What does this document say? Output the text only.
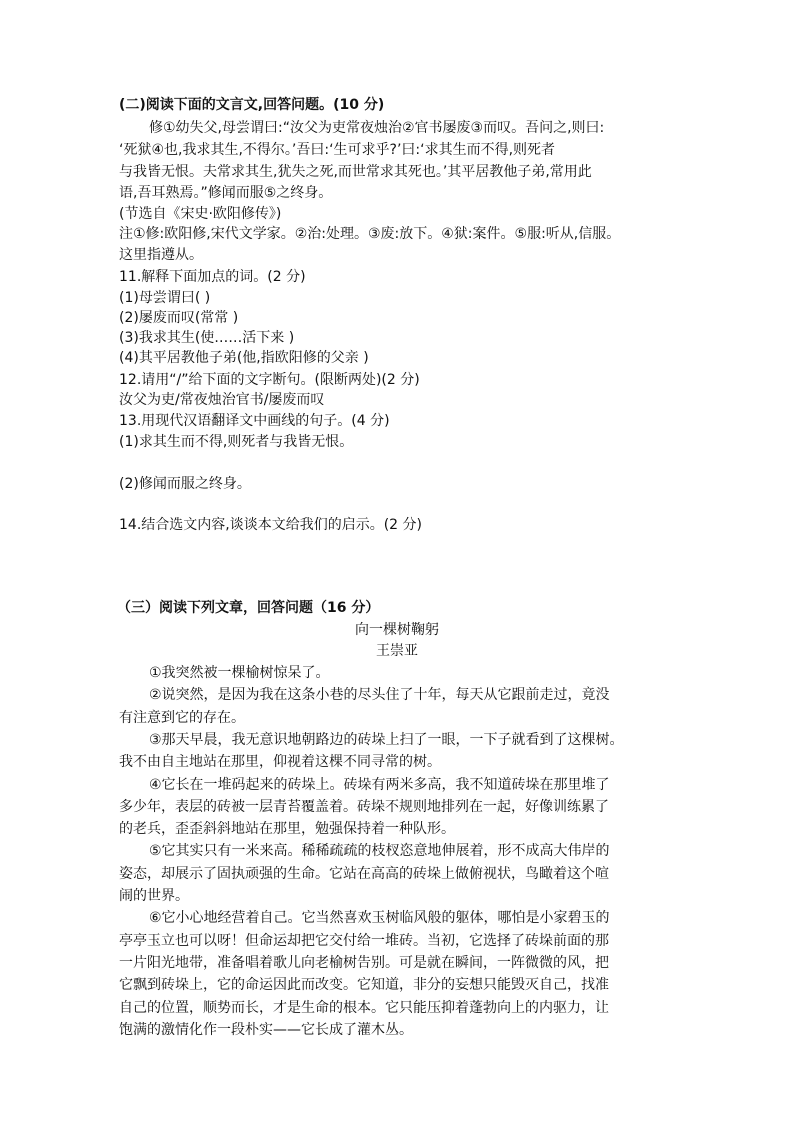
(二)阅读下面的文言文,回答问题。(10 分)
修①幼失父,母尝谓曰:“汝父为吏常夜烛治②官书屡废③而叹。吾问之,则曰:
‘死狱④也,我求其生,不得尔。’吾曰:‘生可求乎?’曰:‘求其生而不得,则死者
与我皆无恨。夫常求其生,犹失之死,而世常求其死也。’其平居教他子弟,常用此
语,吾耳熟焉。”修闻而服⑤之终身。
(节选自《宋史·欧阳修传》)
注①修:欧阳修,宋代文学家。②治:处理。③废:放下。④狱:案件。⑤服:听从,信服。
这里指遵从。
11.解释下面加点的词。(2 分)
(1)母尝谓曰( )
(2)屡废而叹(常常 )
(3)我求其生(使……活下来 )
(4)其平居教他子弟(他,指欧阳修的父亲 )
12.请用“/”给下面的文字断句。(限断两处)(2 分)
汝父为吏/常夜烛治官书/屡废而叹
13.用现代汉语翻译文中画线的句子。(4 分)
(1)求其生而不得,则死者与我皆无恨。
(2)修闻而服之终身。
14.结合选文内容,谈谈本文给我们的启示。(2 分)
（三）阅读下列文章，回答问题（16 分）
向一棵树鞠躬
王崇亚
①我突然被一棵榆树惊呆了。
②说突然，是因为我在这条小巷的尽头住了十年，每天从它跟前走过，竟没
有注意到它的存在。
③那天早晨，我无意识地朝路边的砖垛上扫了一眼，一下子就看到了这棵树。
我不由自主地站在那里，仰视着这棵不同寻常的树。
④它长在一堆码起来的砖垛上。砖垛有两米多高，我不知道砖垛在那里堆了
多少年，表层的砖被一层青苔覆盖着。砖垛不规则地排列在一起，好像训练累了
的老兵，歪歪斜斜地站在那里，勉强保持着一种队形。
⑤它其实只有一米来高。稀稀疏疏的枝杈恣意地伸展着，形不成高大伟岸的
姿态，却展示了固执顽强的生命。它站在高高的砖垛上做俯视状，鸟瞰着这个喧
闹的世界。
⑥它小心地经营着自己。它当然喜欢玉树临风般的躯体，哪怕是小家碧玉的
亭亭玉立也可以呀！但命运却把它交付给一堆砖。当初，它选择了砖垛前面的那
一片阳光地带，准备唱着歌儿向老榆树告别。可是就在瞬间，一阵微微的风，把
它飘到砖垛上，它的命运因此而改变。它知道，非分的妄想只能毁灭自己，找准
自己的位置，顺势而长，才是生命的根本。它只能压抑着蓬勃向上的内驱力，让
饱满的激情化作一段朴实——它长成了灌木丛。
